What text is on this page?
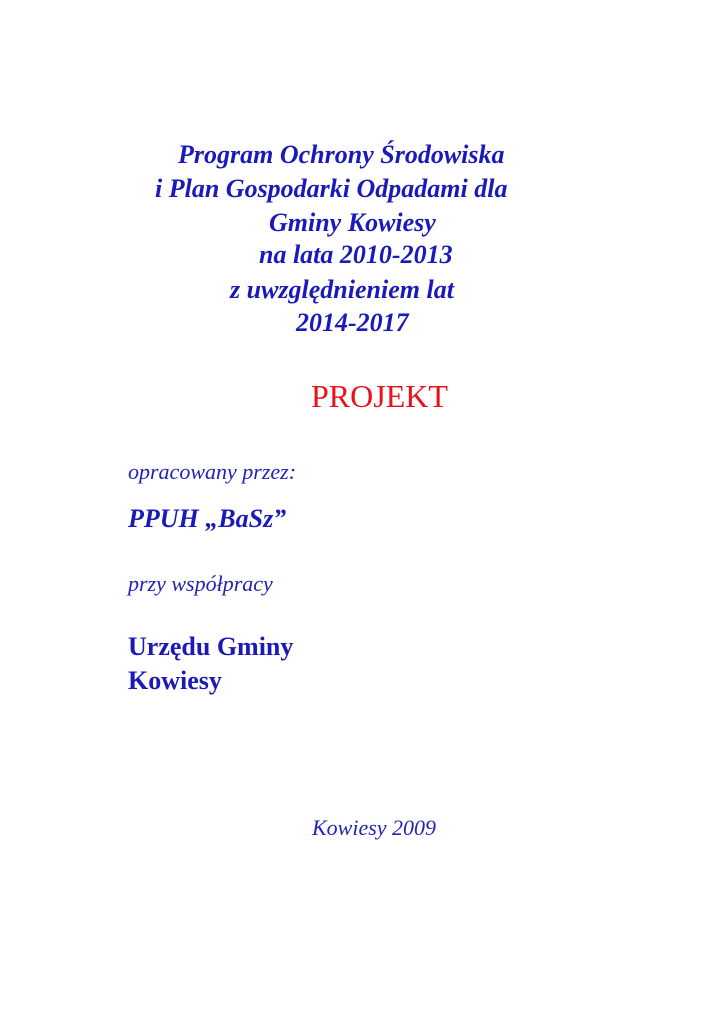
Program Ochrony Środowiska
i Plan Gospodarki Odpadami dla
Gminy Kowiesy
na lata 2010-2013
z uwzględnieniem lat
2014-2017
PROJEKT
opracowany przez:
PPUH „BaSz”
przy współpracy
Urzędu Gminy
Kowiesy
Kowiesy 2009
